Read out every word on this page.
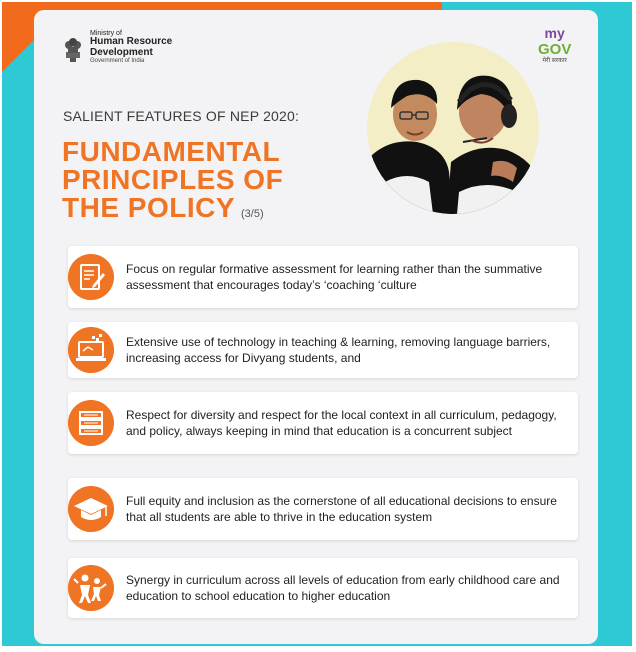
Ministry of
Human Resource
Development
Government of India
my
GOV
मेरी सरकार
SALIENT FEATURES OF NEP 2020:
FUNDAMENTAL
PRINCIPLES OF
THE POLICY (3/5)
Focus on regular formative assessment for learning rather than the summative assessment that encourages today’s ‘coaching ‘culture
Extensive use of technology in teaching & learning, removing language barriers, increasing access for Divyang students, and
Respect for diversity and respect for the local context in all curriculum, pedagogy, and policy, always keeping in mind that education is a concurrent subject
Full equity and inclusion as the cornerstone of all educational decisions to ensure that all students are able to thrive in the education system
Synergy in curriculum across all levels of education from early childhood care and education to school education to higher education
